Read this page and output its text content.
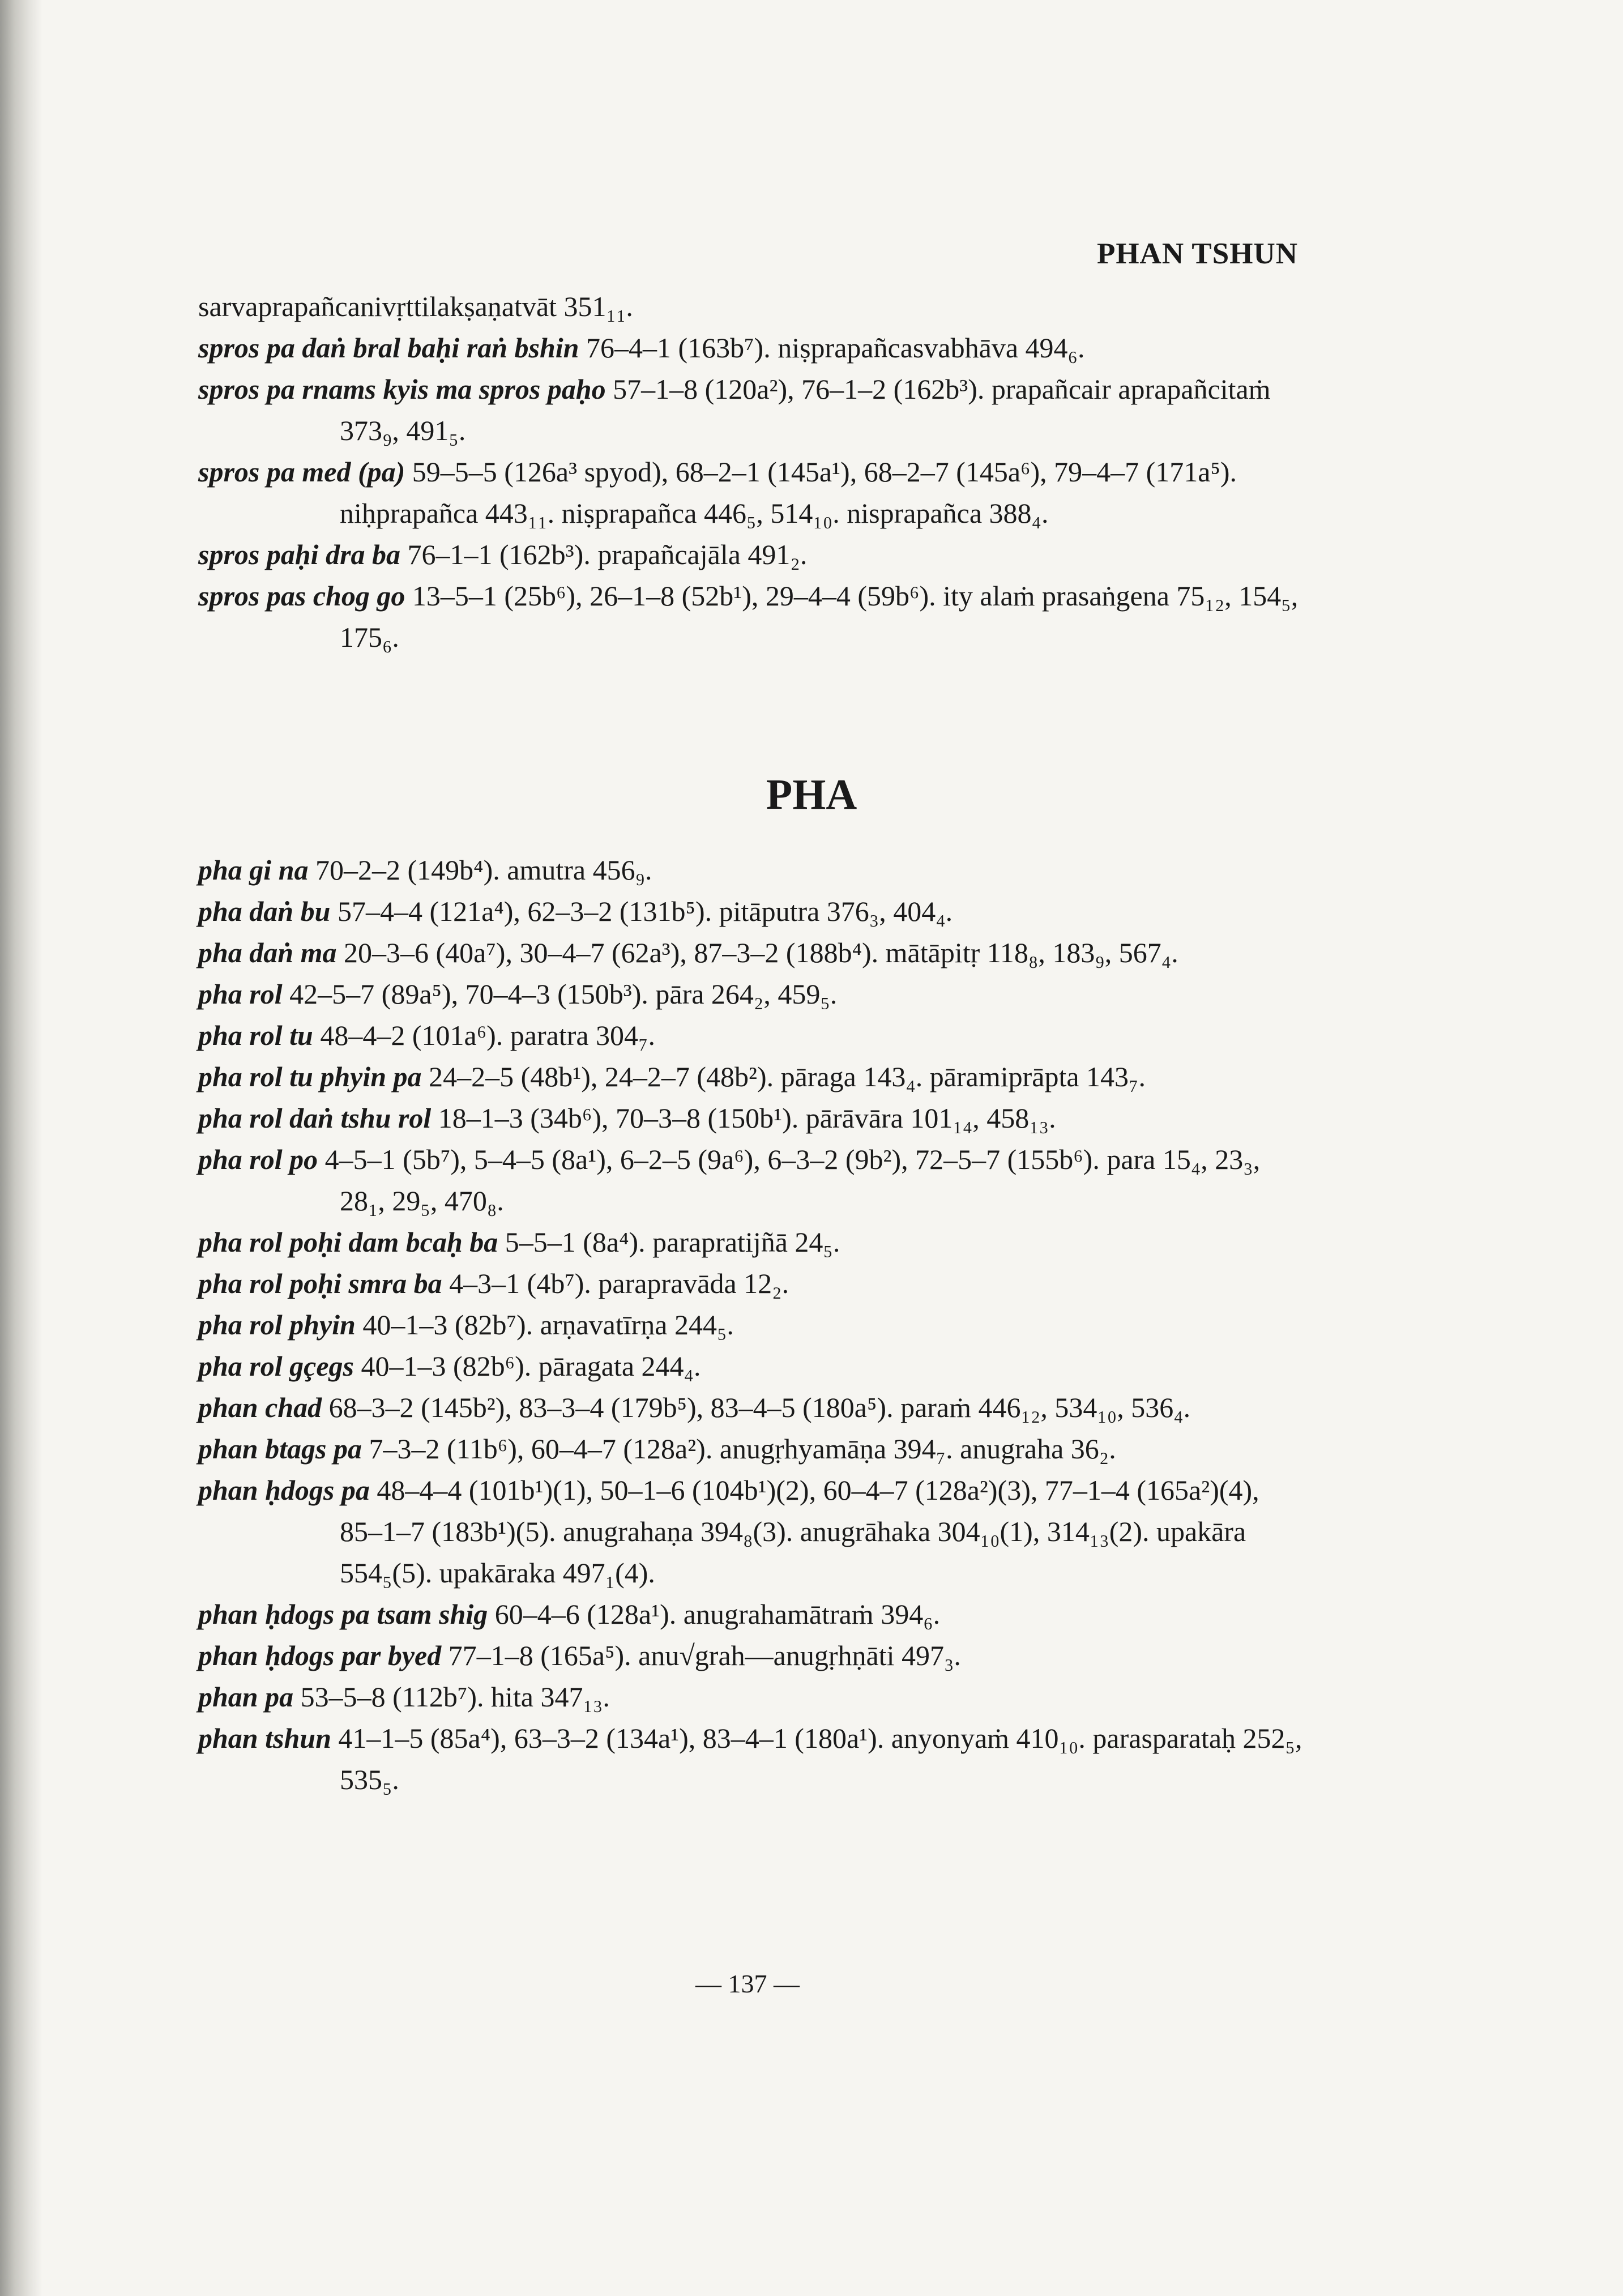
PHAN TSHUN
sarvaprapañcanivṛttilakṣaṇatvāt 351₁₁.
spros pa daṅ bral baḥi raṅ bshin 76–4–1 (163b⁷). niṣprapañcasvabhāva 494₆.
spros pa rnams kyis ma spros paḥo 57–1–8 (120a²), 76–1–2 (162b³). prapañcair aprapañcitaṁ 373₉, 491₅.
spros pa med (pa) 59–5–5 (126a³ spyod), 68–2–1 (145a¹), 68–2–7 (145a⁶), 79–4–7 (171a⁵). niḥprapañca 443₁₁. niṣprapañca 446₅, 514₁₀. nisprapañca 388₄.
spros paḥi dra ba 76–1–1 (162b³). prapañcajāla 491₂.
spros pas chog go 13–5–1 (25b⁶), 26–1–8 (52b¹), 29–4–4 (59b⁶). ity alaṁ prasaṅgena 75₁₂, 154₅, 175₆.
PHA
pha gi na 70–2–2 (149b⁴). amutra 456₉.
pha daṅ bu 57–4–4 (121a⁴), 62–3–2 (131b⁵). pitāputra 376₃, 404₄.
pha daṅ ma 20–3–6 (40a⁷), 30–4–7 (62a³), 87–3–2 (188b⁴). mātāpitṛ 118₈, 183₉, 567₄.
pha rol 42–5–7 (89a⁵), 70–4–3 (150b³). pāra 264₂, 459₅.
pha rol tu 48–4–2 (101a⁶). paratra 304₇.
pha rol tu phyin pa 24–2–5 (48b¹), 24–2–7 (48b²). pāraga 143₄. pāramiprāpta 143₇.
pha rol daṅ tshu rol 18–1–3 (34b⁶), 70–3–8 (150b¹). pārāvāra 101₁₄, 458₁₃.
pha rol po 4–5–1 (5b⁷), 5–4–5 (8a¹), 6–2–5 (9a⁶), 6–3–2 (9b²), 72–5–7 (155b⁶). para 15₄, 23₃, 28₁, 29₅, 470₈.
pha rol poḥi dam bcaḥ ba 5–5–1 (8a⁴). parapratijñā 24₅.
pha rol poḥi smra ba 4–3–1 (4b⁷). parapravāda 12₂.
pha rol phyin 40–1–3 (82b⁷). arṇavatīrṇa 244₅.
pha rol gçegs 40–1–3 (82b⁶). pāragata 244₄.
phan chad 68–3–2 (145b²), 83–3–4 (179b⁵), 83–4–5 (180a⁵). paraṁ 446₁₂, 534₁₀, 536₄.
phan btags pa 7–3–2 (11b⁶), 60–4–7 (128a²). anugṛhyamāṇa 394₇. anugraha 36₂.
phan ḥdogs pa 48–4–4 (101b¹)(1), 50–1–6 (104b¹)(2), 60–4–7 (128a²)(3), 77–1–4 (165a²)(4), 85–1–7 (183b¹)(5). anugrahaṇa 394₈(3). anugrāhaka 304₁₀(1), 314₁₃(2). upakāra 554₅(5). upakāraka 497₁(4).
phan ḥdogs pa tsam shig 60–4–6 (128a¹). anugrahamātraṁ 394₆.
phan ḥdogs par byed 77–1–8 (165a⁵). anu√grah—anugṛhṇāti 497₃.
phan pa 53–5–8 (112b⁷). hita 347₁₃.
phan tshun 41–1–5 (85a⁴), 63–3–2 (134a¹), 83–4–1 (180a¹). anyonyaṁ 410₁₀. parasparataḥ 252₅, 535₅.
— 137 —
